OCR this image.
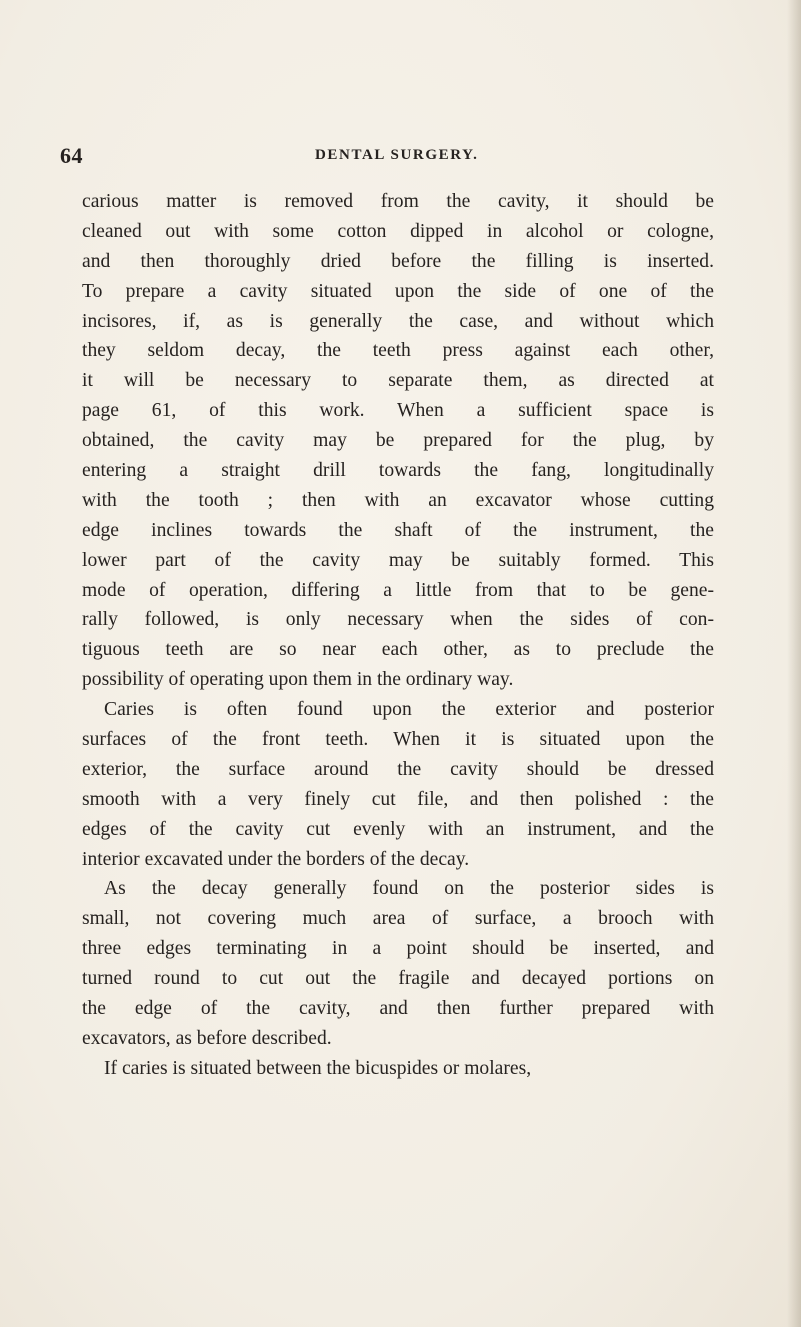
64	DENTAL SURGERY.
carious matter is removed from the cavity, it should be
cleaned out with some cotton dipped in alcohol or cologne,
and then thoroughly dried before the filling is inserted.
To prepare a cavity situated upon the side of one of the
incisores, if, as is generally the case, and without which
they seldom decay, the teeth press against each other,
it will be necessary to separate them, as directed at
page 61, of this work. When a sufficient space is
obtained, the cavity may be prepared for the plug, by
entering a straight drill towards the fang, longitudinally
with the tooth ; then with an excavator whose cutting
edge inclines towards the shaft of the instrument, the
lower part of the cavity may be suitably formed. This
mode of operation, differing a little from that to be gene-
rally followed, is only necessary when the sides of con-
tiguous teeth are so near each other, as to preclude the
possibility of operating upon them in the ordinary way.
Caries is often found upon the exterior and posterior
surfaces of the front teeth. When it is situated upon the
exterior, the surface around the cavity should be dressed
smooth with a very finely cut file, and then polished : the
edges of the cavity cut evenly with an instrument, and the
interior excavated under the borders of the decay.
As the decay generally found on the posterior sides is
small, not covering much area of surface, a brooch with
three edges terminating in a point should be inserted, and
turned round to cut out the fragile and decayed portions on
the edge of the cavity, and then further prepared with
excavators, as before described.
If caries is situated between the bicuspides or molares,
